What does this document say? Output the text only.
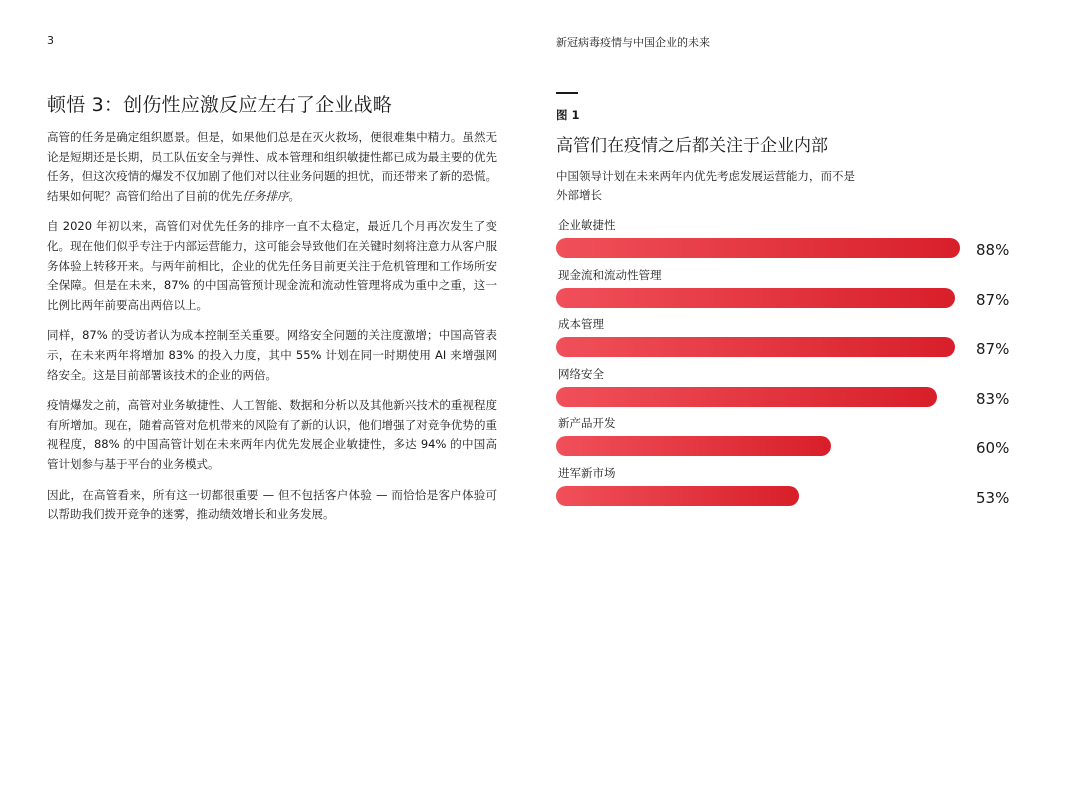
3	新冠病毒疫情与中国企业的未来
顿悟 3：创伤性应激反应左右了企业战略

高管的任务是确定组织愿景。但是，如果他们总是在灭火救场，便很难集中精力。虽然无论是短期还是长期，员工队伍安全与弹性、成本管理和组织敏捷性都已成为最主要的优先任务，但这次疫情的爆发不仅加剧了他们对以往业务问题的担忧，而还带来了新的恐慌。结果如何呢？高管们给出了目前的优先任务排序。

自 2020 年初以来，高管们对优先任务的排序一直不太稳定，最近几个月再次发生了变化。现在他们似乎专注于内部运营能力，这可能会导致他们在关键时刻将注意力从客户服务体验上转移开来。与两年前相比，企业的优先任务目前更关注于危机管理和工作场所安全保障。但是在未来，87% 的中国高管预计现金流和流动性管理将成为重中之重，这一比例比两年前要高出两倍以上。

同样，87% 的受访者认为成本控制至关重要。网络安全问题的关注度激增；中国高管表示，在未来两年将增加 83% 的投入力度，其中 55% 计划在同一时期使用 AI 来增强网络安全。这是目前部署该技术的企业的两倍。

疫情爆发之前，高管对业务敏捷性、人工智能、数据和分析以及其他新兴技术的重视程度有所增加。现在，随着高管对危机带来的风险有了新的认识，他们增强了对竞争优势的重视程度，88% 的中国高管计划在未来两年内优先发展企业敏捷性，多达 94% 的中国高管计划参与基于平台的业务模式。

因此，在高管看来，所有这一切都很重要 — 但不包括客户体验 — 而恰恰是客户体验可以帮助我们拨开竞争的迷雾，推动绩效增长和业务发展。

图 1
高管们在疫情之后都关注于企业内部
中国领导计划在未来两年内优先考虑发展运营能力，而不是
外部增长
企业敏捷性
88%
现金流和流动性管理
87%
成本管理
87%
网络安全
83%
新产品开发
60%
进军新市场
53%
